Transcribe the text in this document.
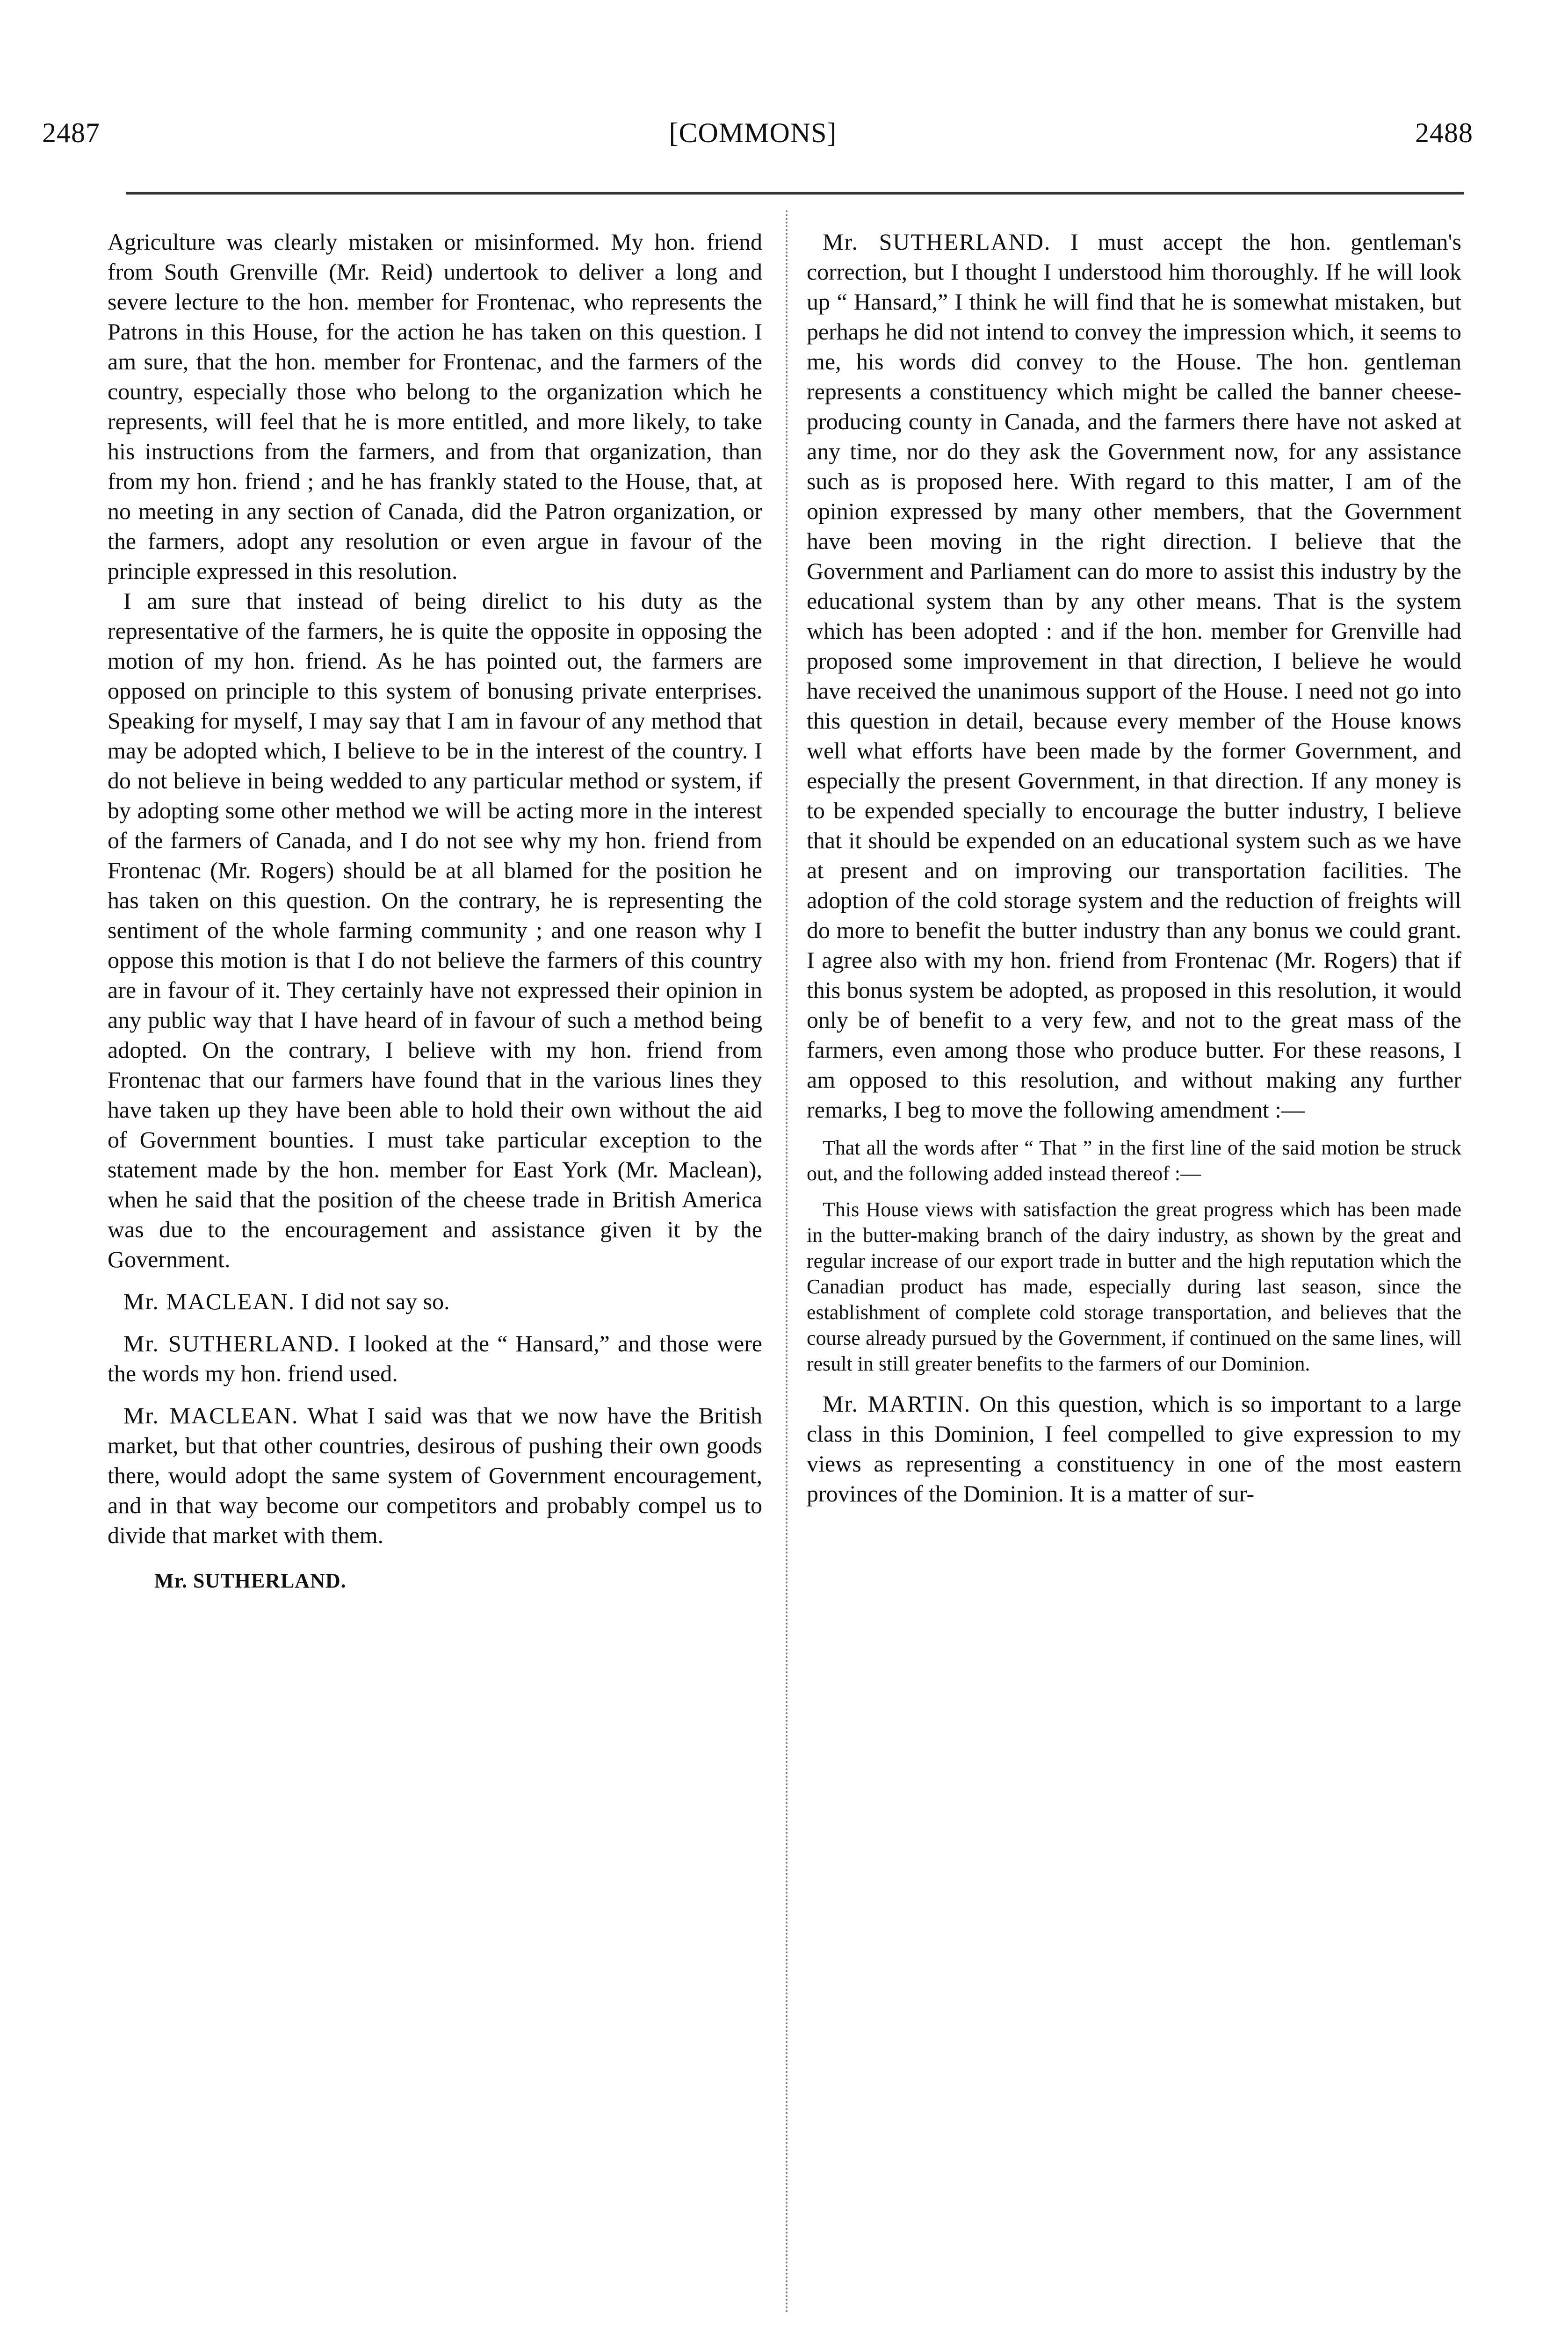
2487	[COMMONS]	2488

Agriculture was clearly mistaken or misinformed. My hon. friend from South Grenville (Mr. Reid) undertook to deliver a long and severe lecture to the hon. member for Frontenac, who represents the Patrons in this House, for the action he has taken on this question. I am sure, that the hon. member for Frontenac, and the farmers of the country, especially those who belong to the organization which he represents, will feel that he is more entitled, and more likely, to take his instructions from the farmers, and from that organization, than from my hon. friend ; and he has frankly stated to the House, that, at no meeting in any section of Canada, did the Patron organization, or the farmers, adopt any resolution or even argue in favour of the principle expressed in this resolution.

I am sure that instead of being direlict to his duty as the representative of the farmers, he is quite the opposite in opposing the motion of my hon. friend. As he has pointed out, the farmers are opposed on principle to this system of bonusing private enterprises. Speaking for myself, I may say that I am in favour of any method that may be adopted which, I believe to be in the interest of the country. I do not believe in being wedded to any particular method or system, if by adopting some other method we will be acting more in the interest of the farmers of Canada, and I do not see why my hon. friend from Frontenac (Mr. Rogers) should be at all blamed for the position he has taken on this question. On the contrary, he is representing the sentiment of the whole farming community ; and one reason why I oppose this motion is that I do not believe the farmers of this country are in favour of it. They certainly have not expressed their opinion in any public way that I have heard of in favour of such a method being adopted. On the contrary, I believe with my hon. friend from Frontenac that our farmers have found that in the various lines they have taken up they have been able to hold their own without the aid of Government bounties. I must take particular exception to the statement made by the hon. member for East York (Mr. Maclean), when he said that the position of the cheese trade in British America was due to the encouragement and assistance given it by the Government.

Mr. MACLEAN. I did not say so.

Mr. SUTHERLAND. I looked at the “ Hansard,” and those were the words my hon. friend used.

Mr. MACLEAN. What I said was that we now have the British market, but that other countries, desirous of pushing their own goods there, would adopt the same system of Government encouragement, and in that way become our competitors and probably compel us to divide that market with them.

Mr. SUTHERLAND.

Mr. SUTHERLAND. I must accept the hon. gentleman's correction, but I thought I understood him thoroughly. If he will look up “ Hansard,” I think he will find that he is somewhat mistaken, but perhaps he did not intend to convey the impression which, it seems to me, his words did convey to the House. The hon. gentleman represents a constituency which might be called the banner cheese-producing county in Canada, and the farmers there have not asked at any time, nor do they ask the Government now, for any assistance such as is proposed here. With regard to this matter, I am of the opinion expressed by many other members, that the Government have been moving in the right direction. I believe that the Government and Parliament can do more to assist this industry by the educational system than by any other means. That is the system which has been adopted : and if the hon. member for Grenville had proposed some improvement in that direction, I believe he would have received the unanimous support of the House. I need not go into this question in detail, because every member of the House knows well what efforts have been made by the former Government, and especially the present Government, in that direction. If any money is to be expended specially to encourage the butter industry, I believe that it should be expended on an educational system such as we have at present and on improving our transportation facilities. The adoption of the cold storage system and the reduction of freights will do more to benefit the butter industry than any bonus we could grant. I agree also with my hon. friend from Frontenac (Mr. Rogers) that if this bonus system be adopted, as proposed in this resolution, it would only be of benefit to a very few, and not to the great mass of the farmers, even among those who produce butter. For these reasons, I am opposed to this resolution, and without making any further remarks, I beg to move the following amendment :—

That all the words after “ That ” in the first line of the said motion be struck out, and the following added instead thereof :—

This House views with satisfaction the great progress which has been made in the butter-making branch of the dairy industry, as shown by the great and regular increase of our export trade in butter and the high reputation which the Canadian product has made, especially during last season, since the establishment of complete cold storage transportation, and believes that the course already pursued by the Government, if continued on the same lines, will result in still greater benefits to the farmers of our Dominion.

Mr. MARTIN. On this question, which is so important to a large class in this Dominion, I feel compelled to give expression to my views as representing a constituency in one of the most eastern provinces of the Dominion. It is a matter of sur-
